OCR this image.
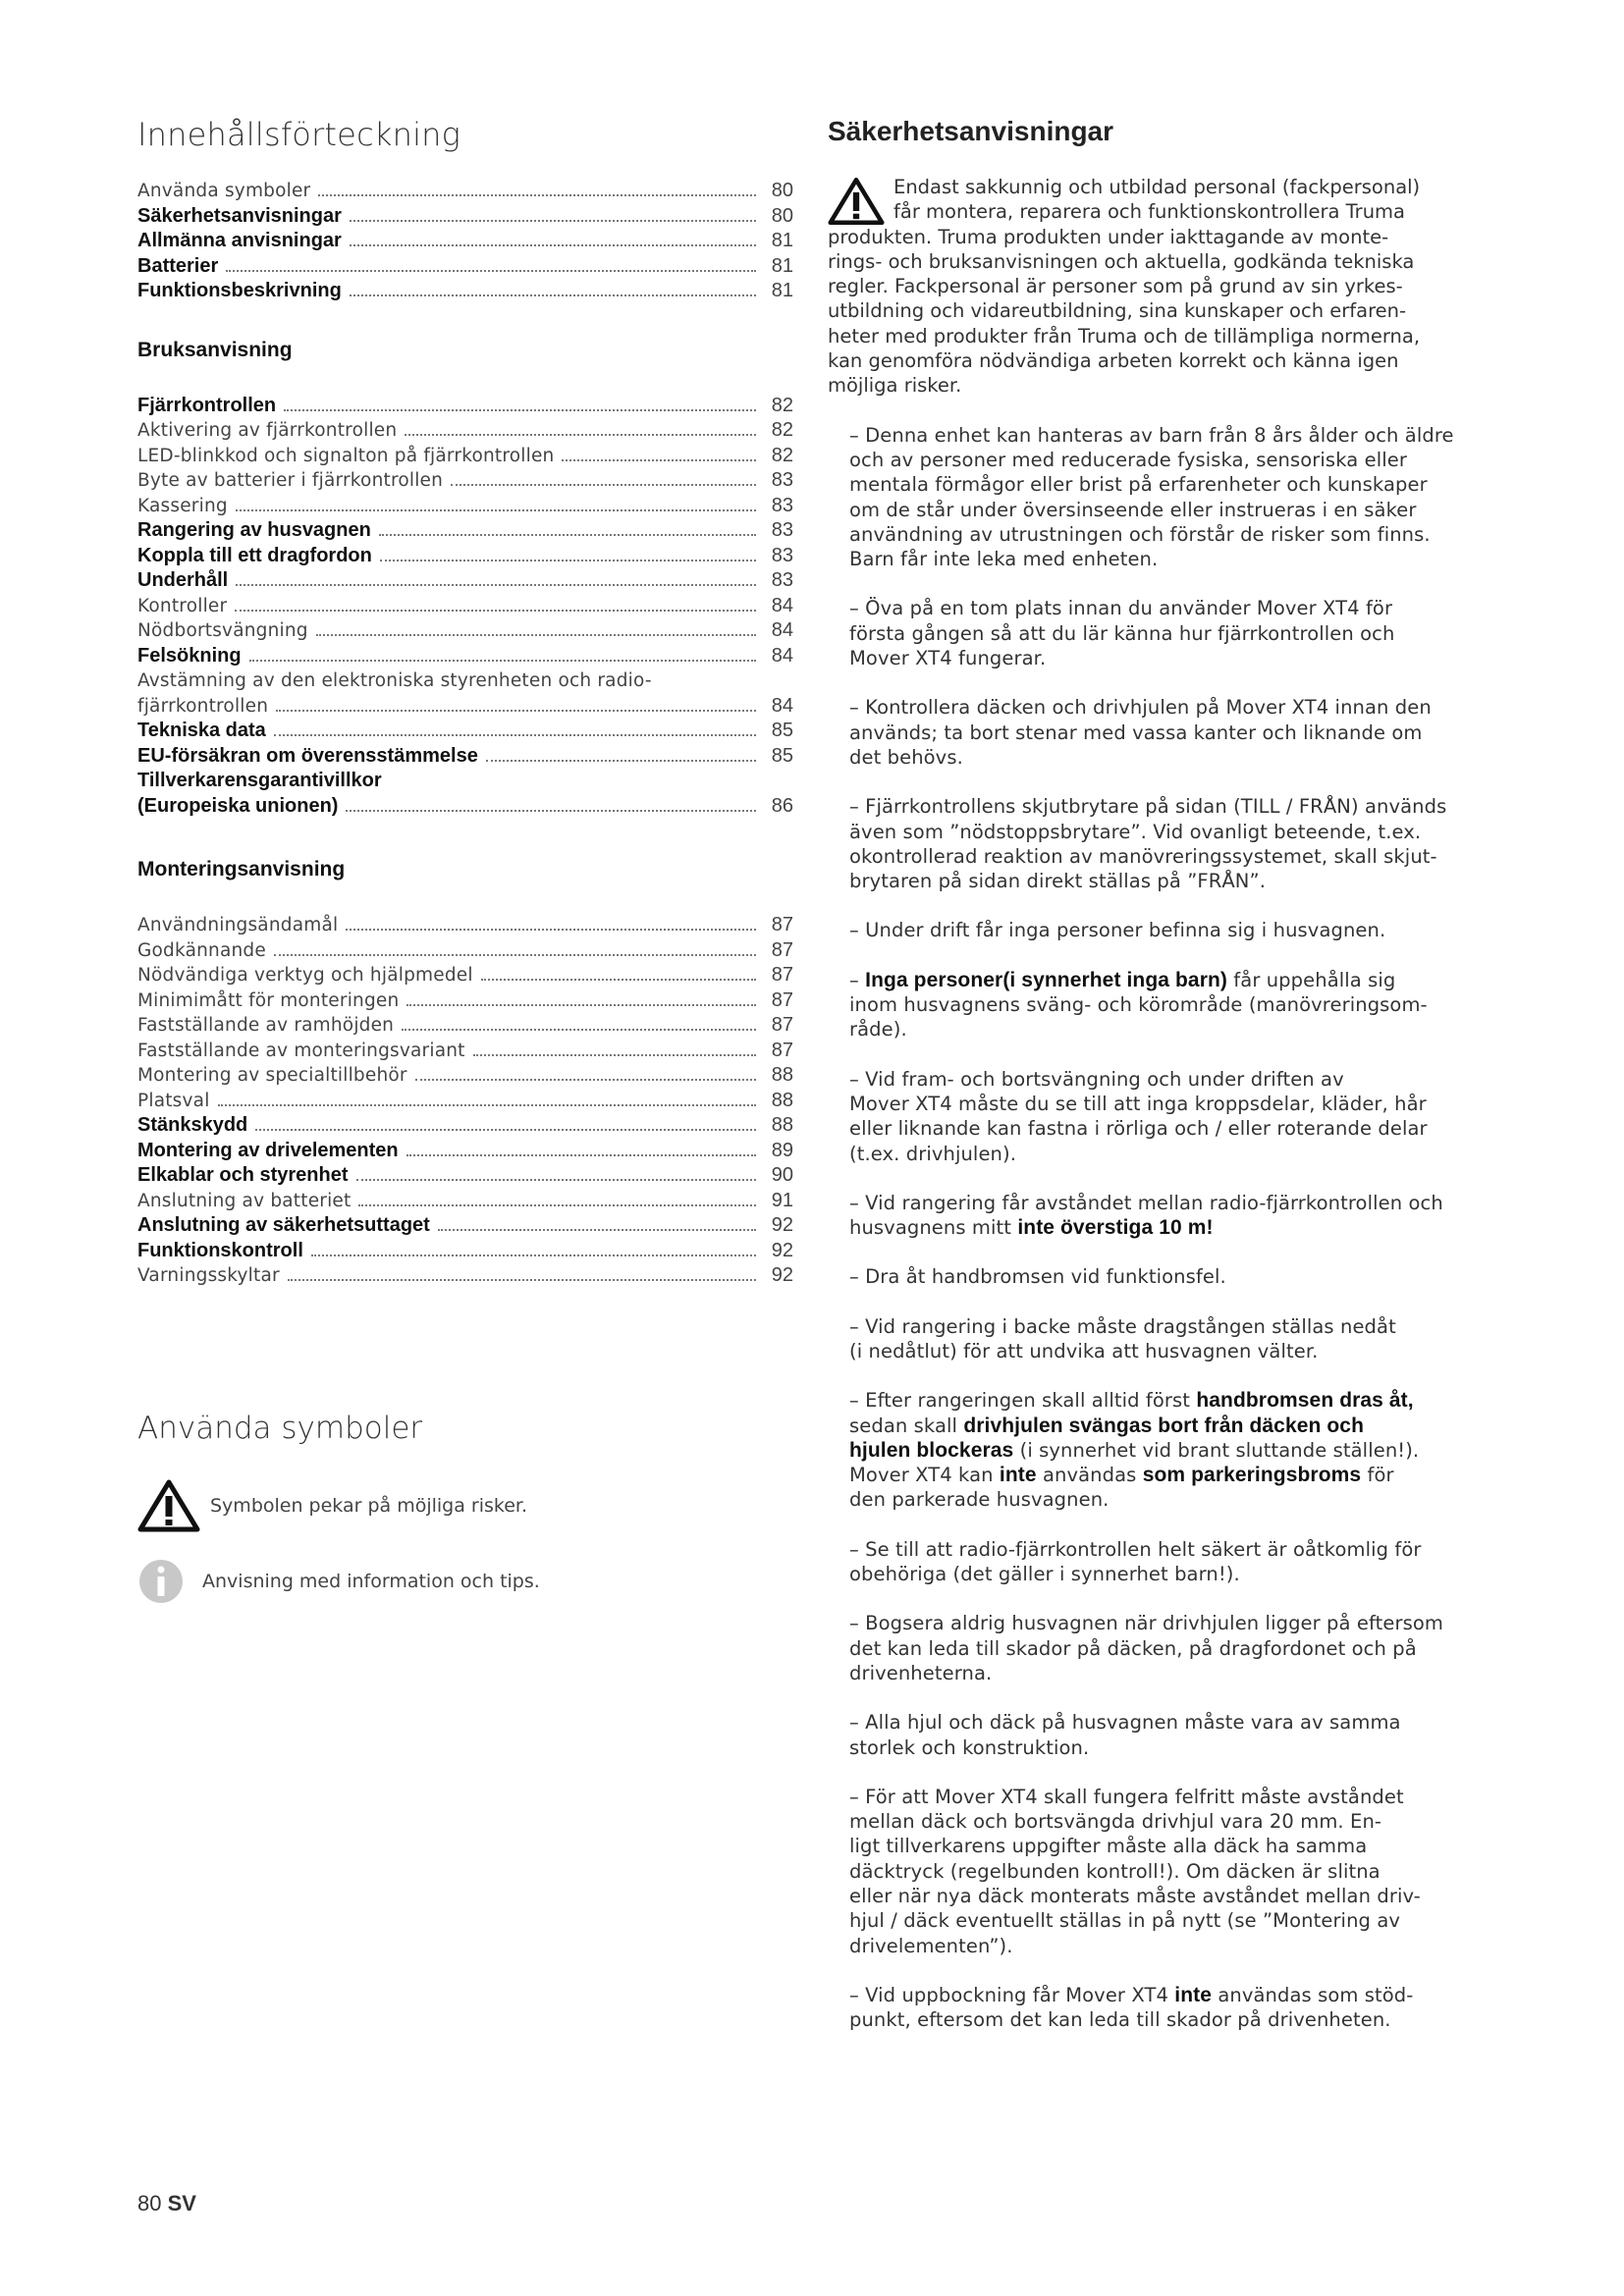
Innehållsförteckning
Använda symboler	80
Säkerhetsanvisningar	80
Allmänna anvisningar	81
Batterier	81
Funktionsbeskrivning	81
Bruksanvisning
Fjärrkontrollen	82
Aktivering av fjärrkontrollen	82
LED-blinkkod och signalton på fjärrkontrollen	82
Byte av batterier i fjärrkontrollen	83
Kassering	83
Rangering av husvagnen	83
Koppla till ett dragfordon	83
Underhåll	83
Kontroller	84
Nödbortsvängning	84
Felsökning	84
Avstämning av den elektroniska styrenheten och radio-
fjärrkontrollen	84
Tekniska data	85
EU-försäkran om överensstämmelse	85
Tillverkarensgarantivillkor
(Europeiska unionen)	86
Monteringsanvisning
Användningsändamål	87
Godkännande	87
Nödvändiga verktyg och hjälpmedel	87
Minimimått för monteringen	87
Fastställande av ramhöjden	87
Fastställande av monteringsvariant	87
Montering av specialtillbehör	88
Platsval	88
Stänkskydd	88
Montering av drivelementen	89
Elkablar och styrenhet	90
Anslutning av batteriet	91
Anslutning av säkerhetsuttaget	92
Funktionskontroll	92
Varningsskyltar	92
Använda symboler
Symbolen pekar på möjliga risker.
Anvisning med information och tips.
Säkerhetsanvisningar
Endast sakkunnig och utbildad personal (fackpersonal)
får montera, reparera och funktionskontrollera Truma
produkten. Truma produkten under iakttagande av monte-
rings- och bruksanvisningen och aktuella, godkända tekniska
regler. Fackpersonal är personer som på grund av sin yrkes-
utbildning och vidareutbildning, sina kunskaper och erfaren-
heter med produkter från Truma och de tillämpliga normerna,
kan genomföra nödvändiga arbeten korrekt och känna igen
möjliga risker.
– Denna enhet kan hanteras av barn från 8 års ålder och äldre
och av personer med reducerade fysiska, sensoriska eller
mentala förmågor eller brist på erfarenheter och kunskaper
om de står under översinseende eller instrueras i en säker
användning av utrustningen och förstår de risker som finns.
Barn får inte leka med enheten.
– Öva på en tom plats innan du använder Mover XT4 för
första gången så att du lär känna hur fjärrkontrollen och
Mover XT4 fungerar.
– Kontrollera däcken och drivhjulen på Mover XT4 innan den
används; ta bort stenar med vassa kanter och liknande om
det behövs.
– Fjärrkontrollens skjutbrytare på sidan (TILL / FRÅN) används
även som ”nödstoppsbrytare”. Vid ovanligt beteende, t.ex.
okontrollerad reaktion av manövreringssystemet, skall skjut-
brytaren på sidan direkt ställas på ”FRÅN”.
– Under drift får inga personer befinna sig i husvagnen.
– Inga personer(i synnerhet inga barn) får uppehålla sig
inom husvagnens sväng- och körområde (manövreringsom-
råde).
– Vid fram- och bortsvängning och under driften av
Mover XT4 måste du se till att inga kroppsdelar, kläder, hår
eller liknande kan fastna i rörliga och / eller roterande delar
(t.ex. drivhjulen).
– Vid rangering får avståndet mellan radio-fjärrkontrollen och
husvagnens mitt inte överstiga 10 m!
– Dra åt handbromsen vid funktionsfel.
– Vid rangering i backe måste dragstången ställas nedåt
(i nedåtlut) för att undvika att husvagnen välter.
– Efter rangeringen skall alltid först handbromsen dras åt,
sedan skall drivhjulen svängas bort från däcken och
hjulen blockeras (i synnerhet vid brant sluttande ställen!).
Mover XT4 kan inte användas som parkeringsbroms för
den parkerade husvagnen.
– Se till att radio-fjärrkontrollen helt säkert är oåtkomlig för
obehöriga (det gäller i synnerhet barn!).
– Bogsera aldrig husvagnen när drivhjulen ligger på eftersom
det kan leda till skador på däcken, på dragfordonet och på
drivenheterna.
– Alla hjul och däck på husvagnen måste vara av samma
storlek och konstruktion.
– För att Mover XT4 skall fungera felfritt måste avståndet
mellan däck och bortsvängda drivhjul vara 20 mm. En-
ligt tillverkarens uppgifter måste alla däck ha samma
däcktryck (regelbunden kontroll!). Om däcken är slitna
eller när nya däck monterats måste avståndet mellan driv-
hjul / däck eventuellt ställas in på nytt (se ”Montering av
drivelementen”).
– Vid uppbockning får Mover XT4 inte användas som stöd-
punkt, eftersom det kan leda till skador på drivenheten.
80 SV
